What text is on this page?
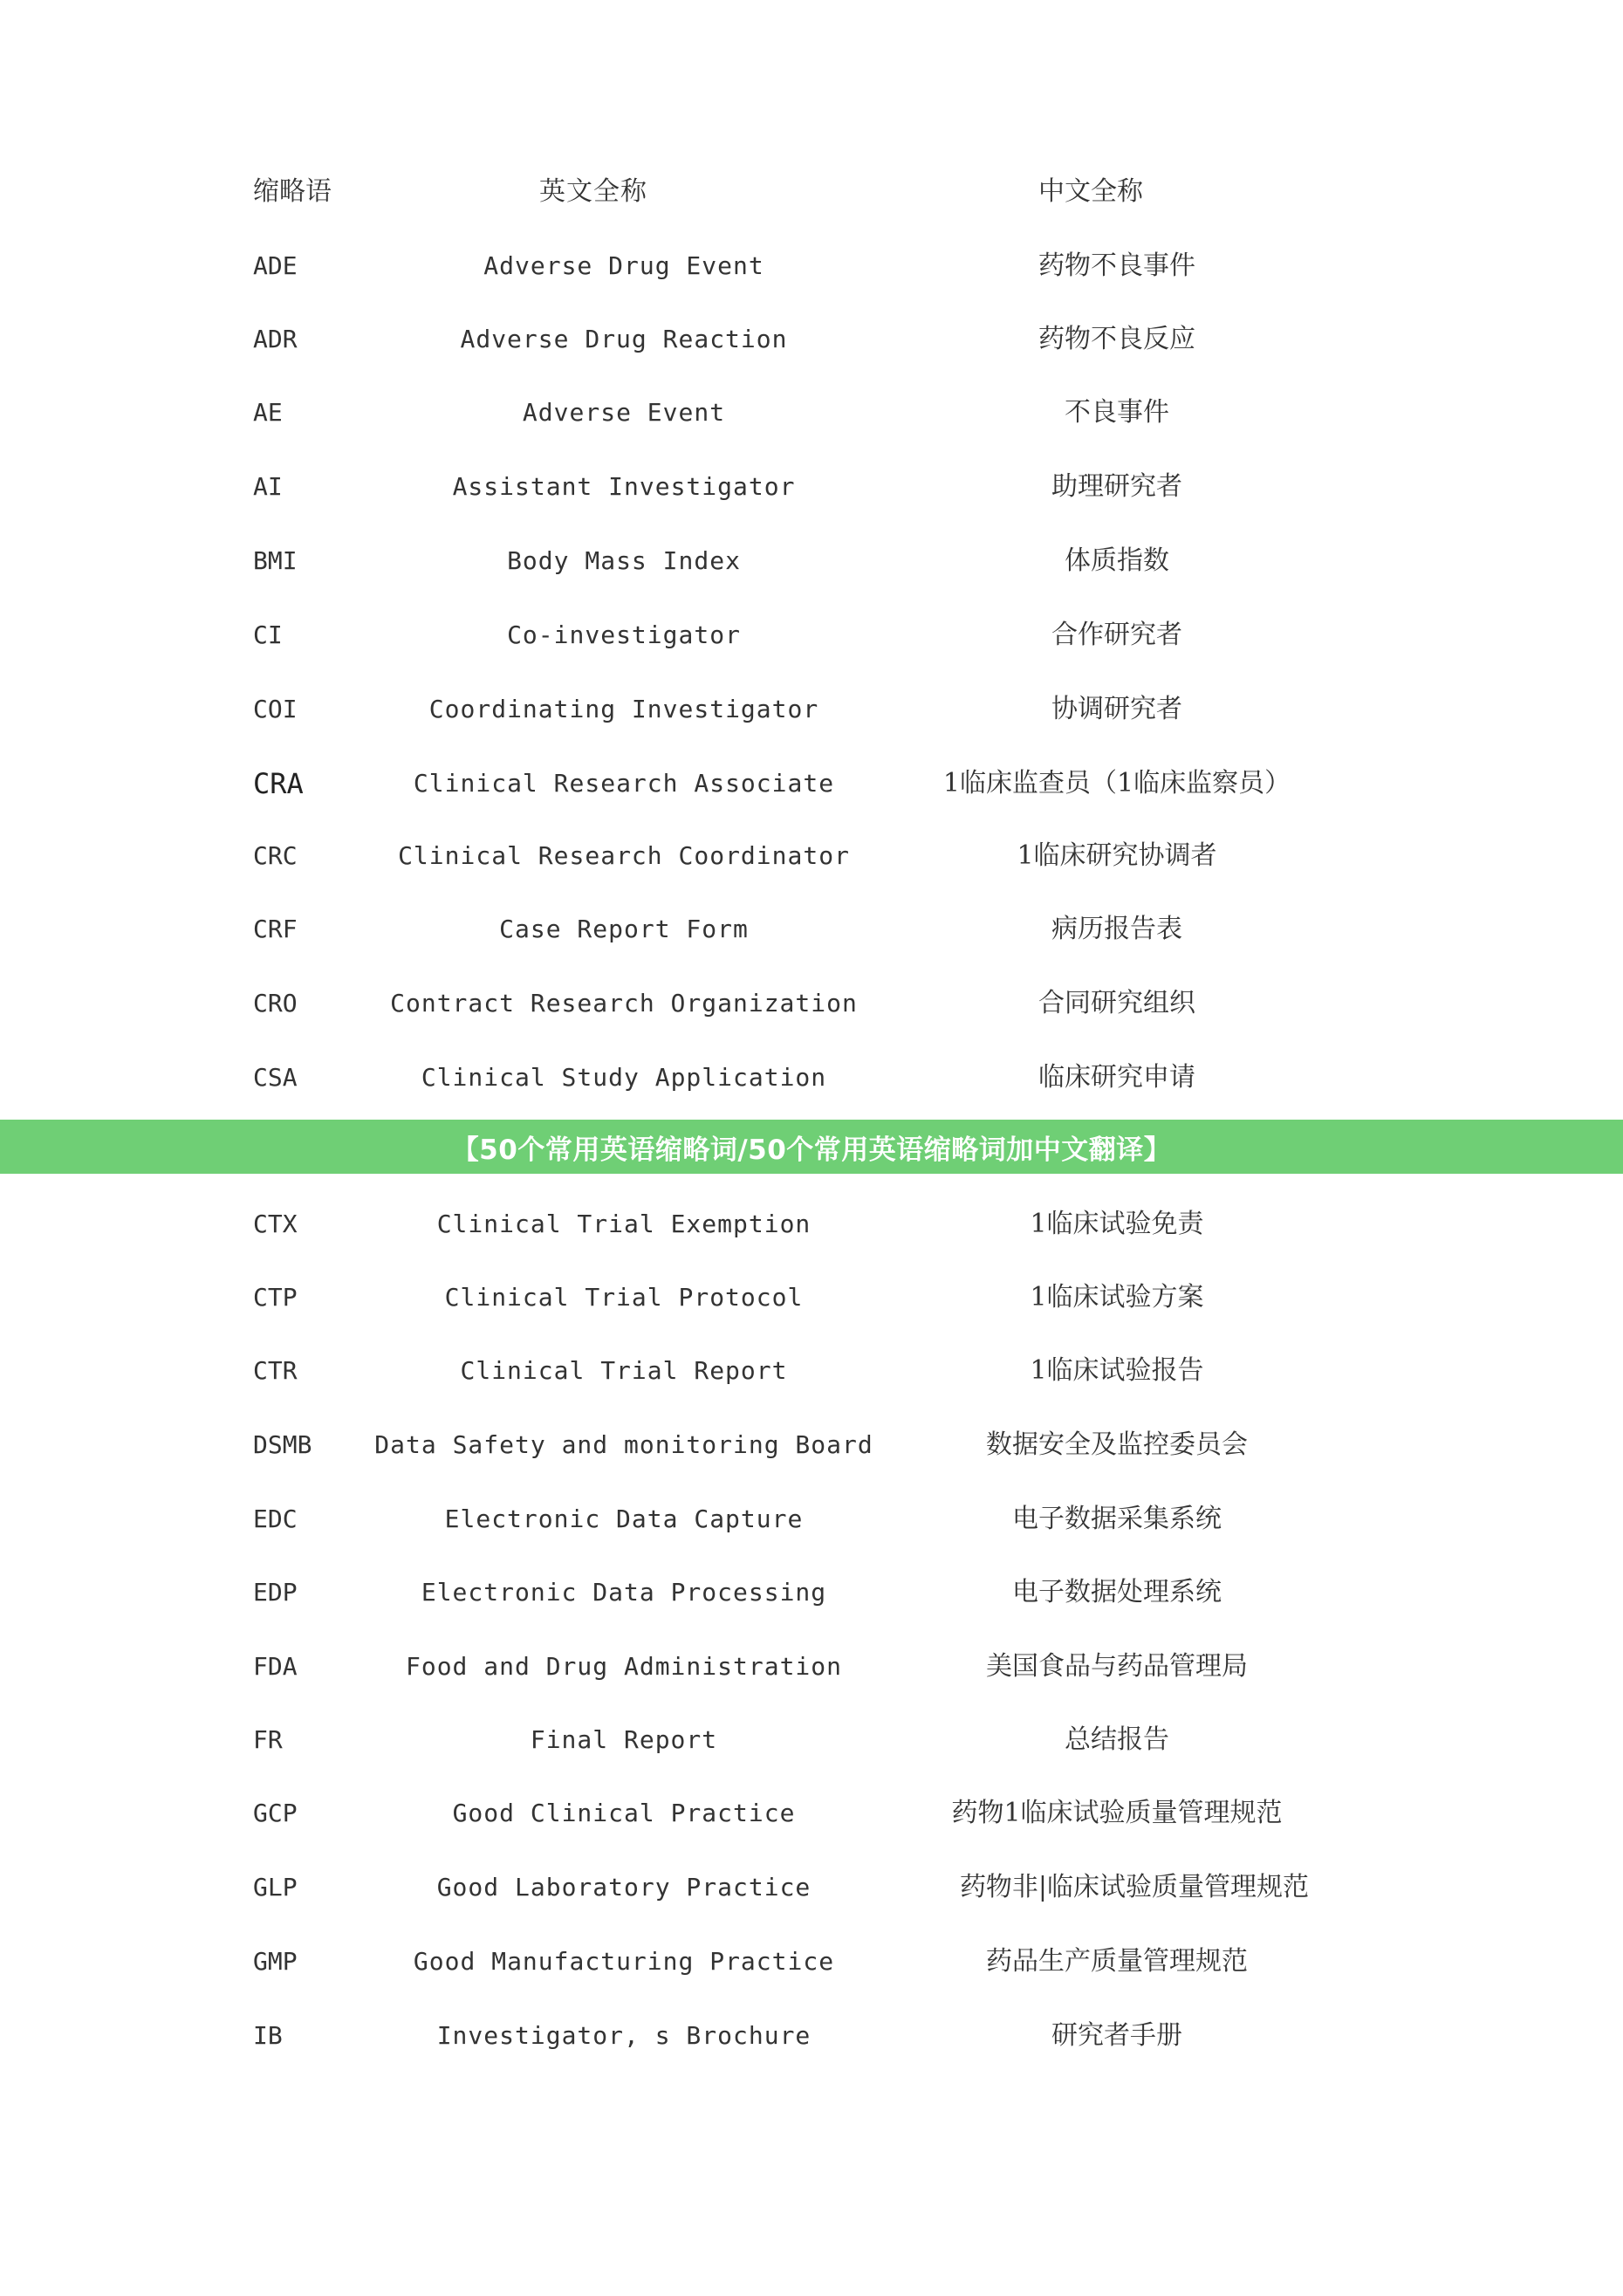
缩略语	英文全称	中文全称
ADE	Adverse Drug Event	药物不良事件
ADR	Adverse Drug Reaction	药物不良反应
AE	Adverse Event	不良事件
AI	Assistant Investigator	助理研究者
BMI	Body Mass Index	体质指数
CI	Co-investigator	合作研究者
COI	Coordinating Investigator	协调研究者
CRA	Clinical Research Associate	1临床监查员（1临床监察员）
CRC	Clinical Research Coordinator	1临床研究协调者
CRF	Case Report Form	病历报告表
CRO	Contract Research Organization	合同研究组织
CSA	Clinical Study Application	临床研究申请
CTX	Clinical Trial Exemption	1临床试验免责
CTP	Clinical Trial Protocol	1临床试验方案
CTR	Clinical Trial Report	1临床试验报告
DSMB	Data Safety and monitoring Board	数据安全及监控委员会
EDC	Electronic Data Capture	电子数据采集系统
EDP	Electronic Data Processing	电子数据处理系统
FDA	Food and Drug Administration	美国食品与药品管理局
FR	Final Report	总结报告
GCP	Good Clinical Practice	药物1临床试验质量管理规范
GLP	Good Laboratory Practice	药物非|临床试验质量管理规范
GMP	Good Manufacturing Practice	药品生产质量管理规范
IB	Investigator, s Brochure	研究者手册
【50个常用英语缩略词/50个常用英语缩略词加中文翻译】
